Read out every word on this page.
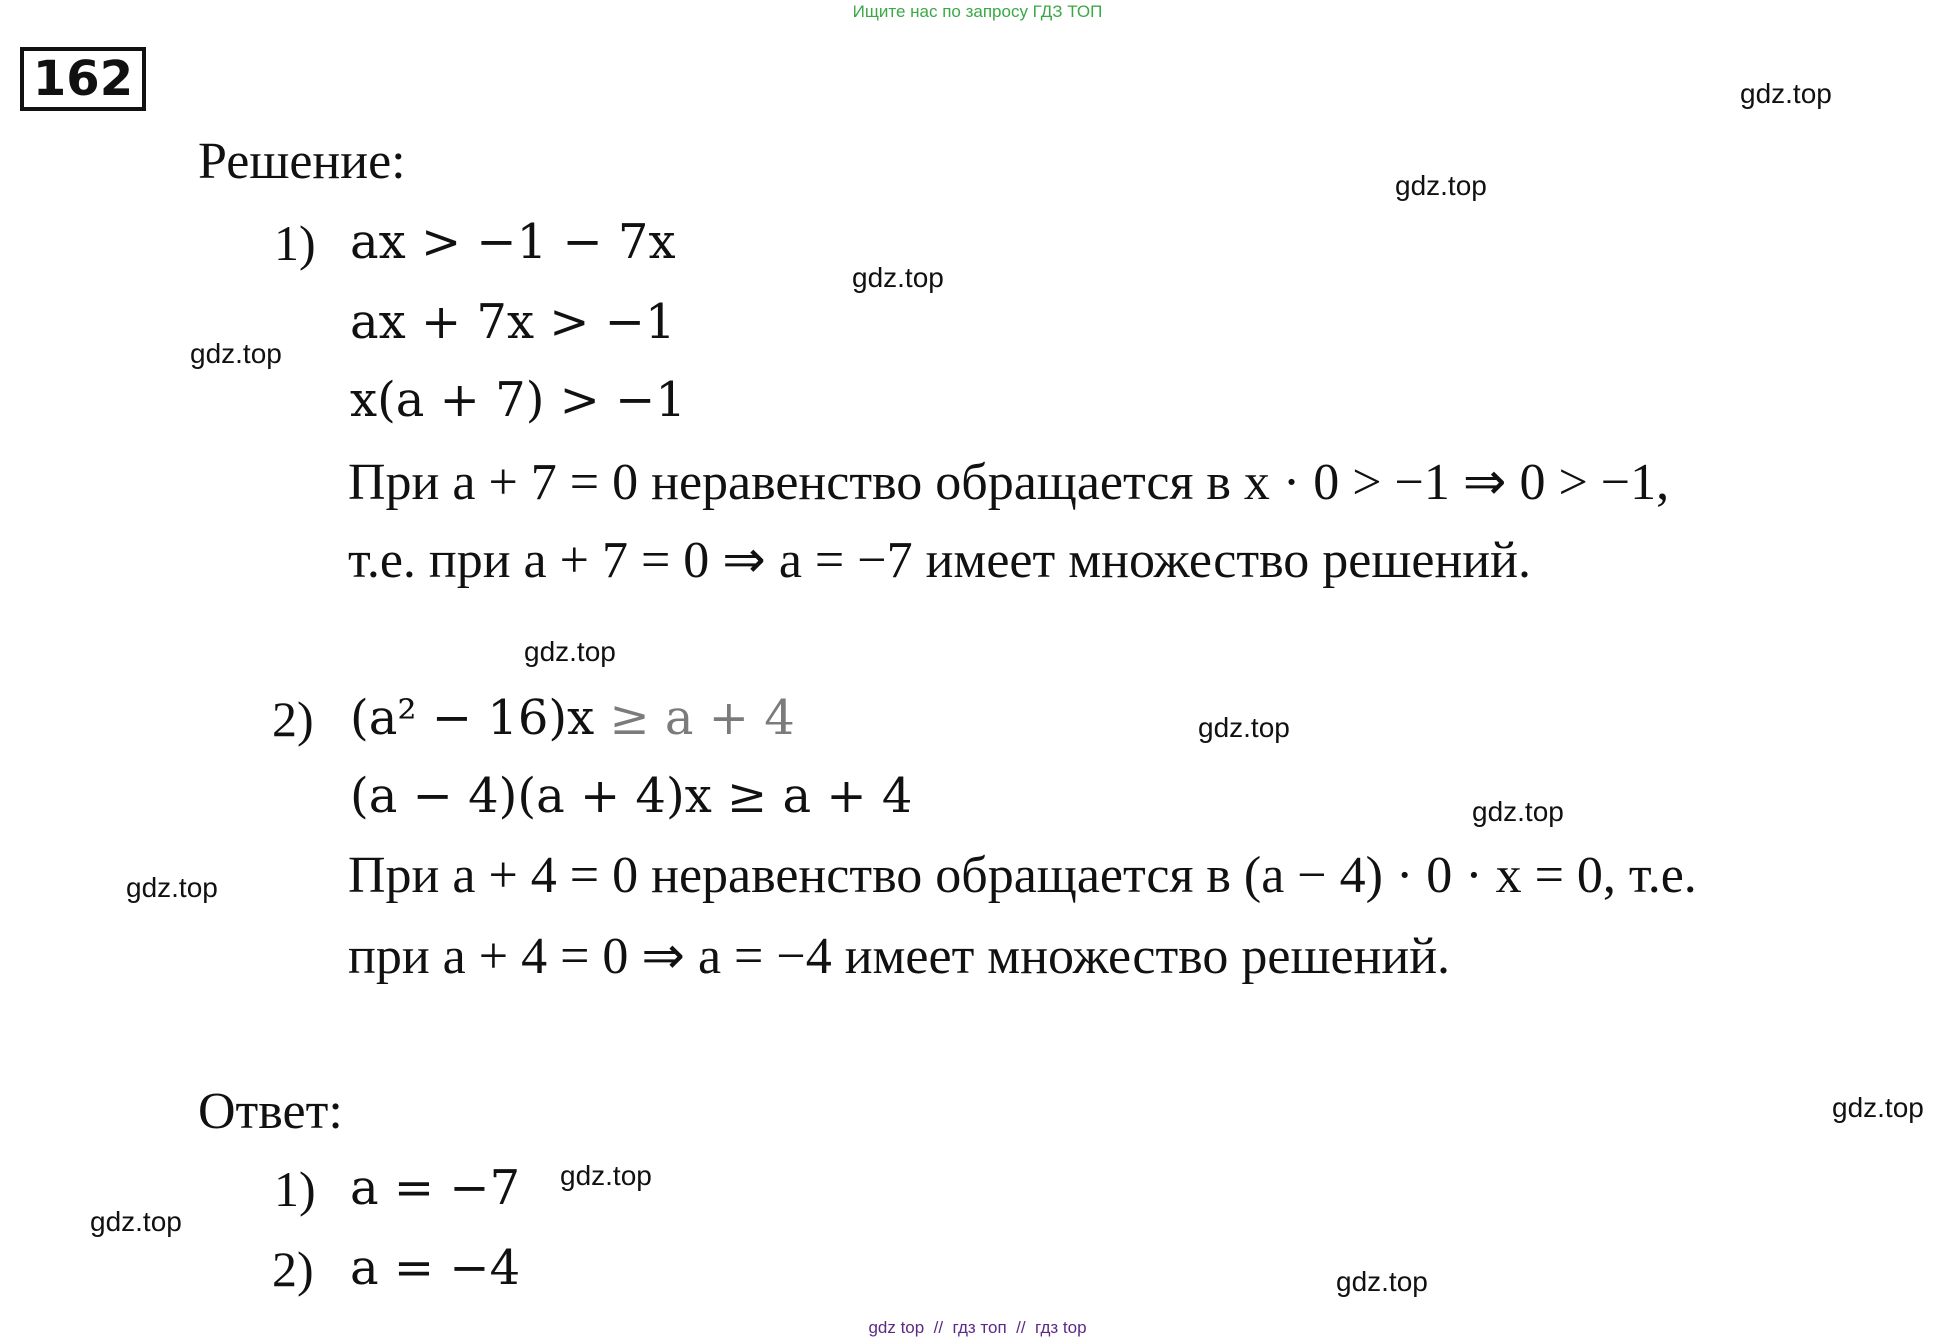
Ищите нас по запросу ГДЗ ТОП
162
Решение:
1) ax > −1 − 7x
ax + 7x > −1
x(a + 7) > −1
При a + 7 = 0 неравенство обращается в x · 0 > −1 ⇒ 0 > −1,
т.е. при a + 7 = 0 ⇒ a = −7 имеет множество решений.
2) (a² − 16)x ≥ a + 4
(a − 4)(a + 4)x ≥ a + 4
При a + 4 = 0 неравенство обращается в (a − 4) · 0 · x = 0, т.е.
при a + 4 = 0 ⇒ a = −4 имеет множество решений.
Ответ:
1) a = −7
2) a = −4
gdz.top
gdz.top
gdz.top
gdz.top
gdz.top
gdz.top
gdz.top
gdz.top
gdz.top
gdz.top
gdz.top
gdz.top
gdz top  //  гдз топ  //  гдз top
